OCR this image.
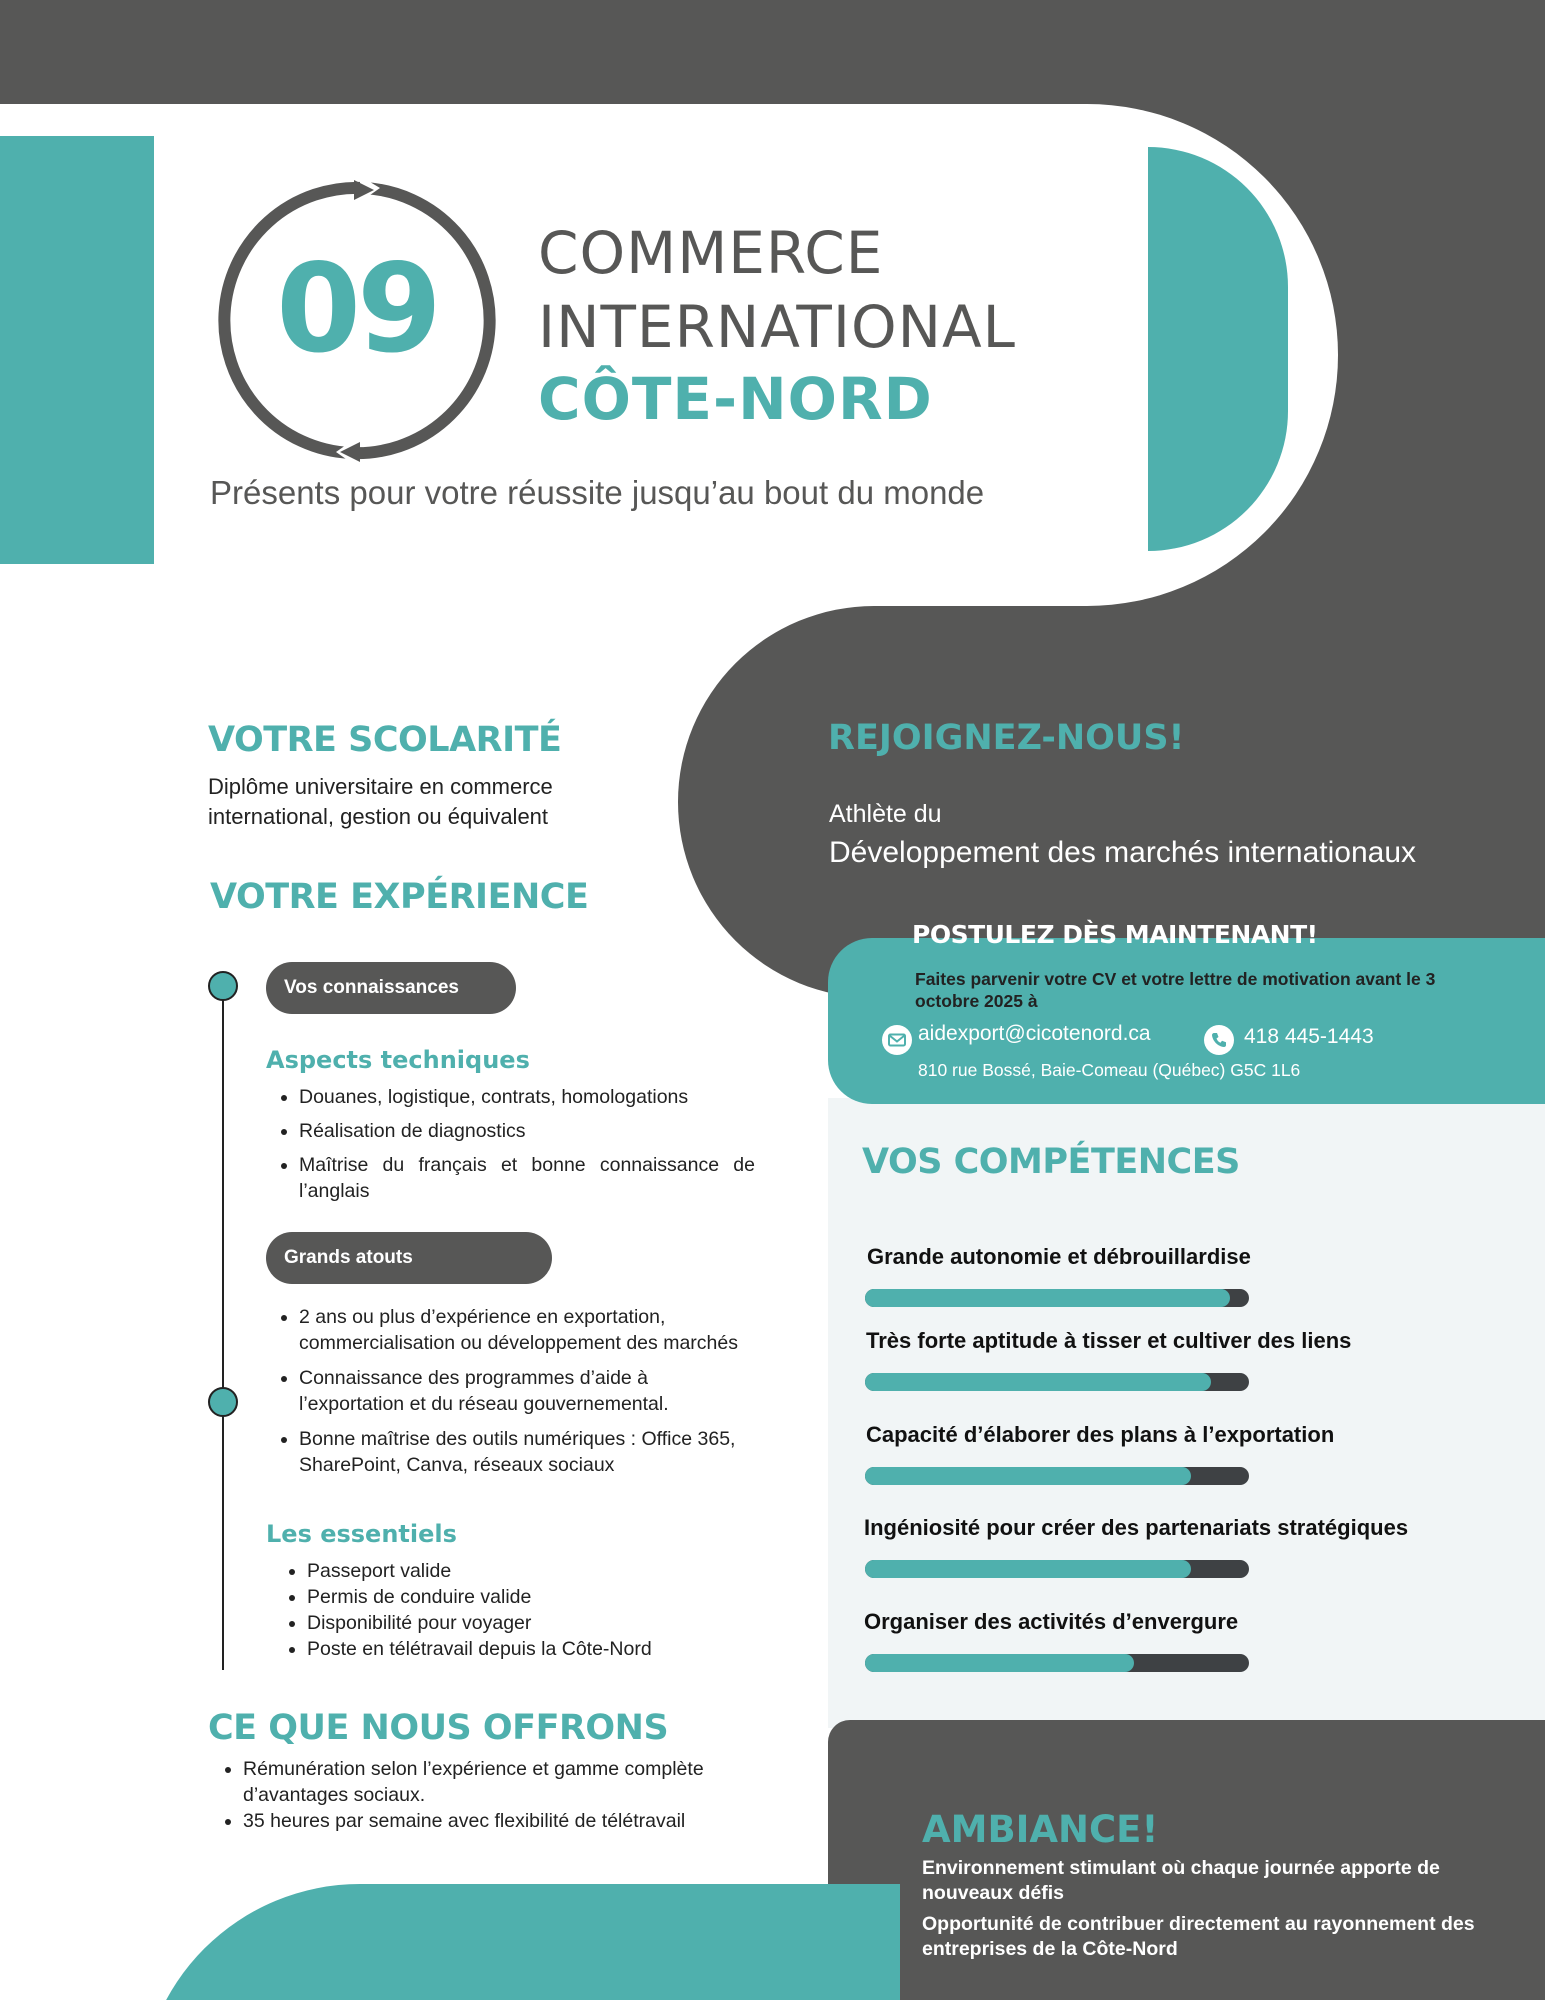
09	COMMERCE
INTERNATIONAL
CÔTE-NORD
Présents pour votre réussite jusqu’au bout du monde
VOTRE SCOLARITÉ
Diplôme universitaire en commerce international, gestion ou équivalent
VOTRE EXPÉRIENCE
Vos connaissances
Aspects techniques
Douanes, logistique, contrats, homologations
Réalisation de diagnostics
Maîtrise du français et bonne connaissance de l’anglais
Grands atouts
2 ans ou plus d’expérience en exportation, commercialisation ou développement des marchés
Connaissance des programmes d’aide à l’exportation et du réseau gouvernemental.
Bonne maîtrise des outils numériques : Office 365, SharePoint, Canva, réseaux sociaux
Les essentiels
Passeport valide
Permis de conduire valide
Disponibilité pour voyager
Poste en télétravail depuis la Côte-Nord
CE QUE NOUS OFFRONS
Rémunération selon l’expérience et gamme complète d’avantages sociaux.
35 heures par semaine avec flexibilité de télétravail
REJOIGNEZ-NOUS!
Athlète du
Développement des marchés internationaux
POSTULEZ DÈS MAINTENANT!
Faites parvenir votre CV et votre lettre de motivation avant le 3 octobre 2025 à
aidexport@cicotenord.ca	418 445-1443
810 rue Bossé, Baie-Comeau (Québec) G5C 1L6
VOS COMPÉTENCES
Grande autonomie et débrouillardise
Très forte aptitude à tisser et cultiver des liens
Capacité d’élaborer des plans à l’exportation
Ingéniosité pour créer des partenariats stratégiques
Organiser des activités d’envergure
AMBIANCE!
Environnement stimulant où chaque journée apporte de nouveaux défis
Opportunité de contribuer directement au rayonnement des entreprises de la Côte-Nord
